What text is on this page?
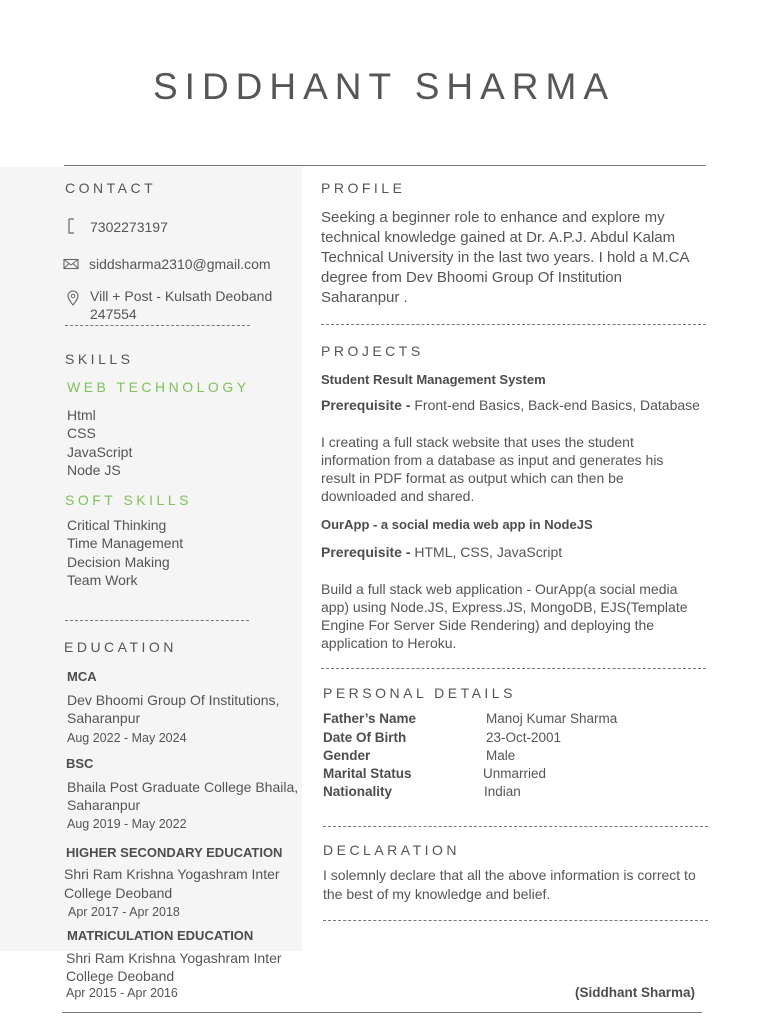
SIDDHANT SHARMA
CONTACT
7302273197
siddsharma2310@gmail.com
Vill + Post - Kulsath Deoband
247554
SKILLS
WEB TECHNOLOGY
Html
CSS
JavaScript
Node JS
SOFT SKILLS
Critical Thinking
Time Management
Decision Making
Team Work
EDUCATION
MCA
Dev Bhoomi Group Of Institutions,
Saharanpur
Aug 2022 - May 2024
BSC
Bhaila Post Graduate College Bhaila,
Saharanpur
Aug 2019 - May 2022
HIGHER SECONDARY EDUCATION
Shri Ram Krishna Yogashram Inter
College Deoband
Apr 2017 - Apr 2018
MATRICULATION EDUCATION
Shri Ram Krishna Yogashram Inter
College Deoband
Apr 2015 - Apr 2016
PROFILE
Seeking a beginner role to enhance and explore my
technical knowledge gained at Dr. A.P.J. Abdul Kalam
Technical University in the last two years. I hold a M.CA
degree from Dev Bhoomi Group Of Institution
Saharanpur .
PROJECTS
Student Result Management System
Prerequisite - Front-end Basics, Back-end Basics, Database
I creating a full stack website that uses the student
information from a database as input and generates his
result in PDF format as output which can then be
downloaded and shared.
OurApp - a social media web app in NodeJS
Prerequisite - HTML, CSS, JavaScript
Build a full stack web application - OurApp(a social media
app) using Node.JS, Express.JS, MongoDB, EJS(Template
Engine For Server Side Rendering) and deploying the
application to Heroku.
PERSONAL DETAILS
Father’s Name	Manoj Kumar Sharma
Date Of Birth	23-Oct-2001
Gender	Male
Marital Status	Unmarried
Nationality	Indian
DECLARATION
I solemnly declare that all the above information is correct to
the best of my knowledge and belief.
(Siddhant Sharma)
